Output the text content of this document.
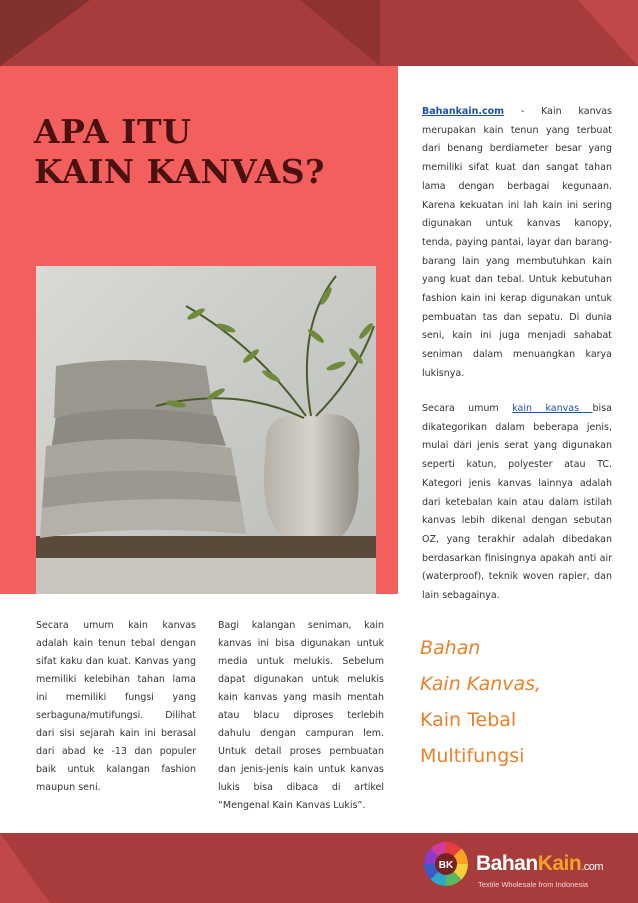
APA ITU
KAIN KANVAS?

Bahankain.com - Kain kanvas merupakan kain tenun yang terbuat dari benang berdiameter besar yang memiliki sifat kuat dan sangat tahan lama dengan berbagai kegunaan. Karena kekuatan ini lah kain ini sering digunakan untuk kanvas kanopy, tenda, paying pantai, layar dan barang-barang lain yang membutuhkan kain yang kuat dan tebal. Untuk kebutuhan fashion kain ini kerap digunakan untuk pembuatan tas dan sepatu. Di dunia seni, kain ini juga menjadi sahabat seniman dalam menuangkan karya lukisnya.

Secara umum kain kanvas bisa dikategorikan dalam beberapa jenis, mulai dari jenis serat yang digunakan seperti katun, polyester atau TC. Kategori jenis kanvas lainnya adalah dari ketebalan kain atau dalam istilah kanvas lebih dikenal dengan sebutan OZ, yang terakhir adalah dibedakan berdasarkan finisingnya apakah anti air (waterproof), teknik woven rapier, dan lain sebagainya.

Secara umum kain kanvas adalah kain tenun tebal dengan sifat kaku dan kuat. Kanvas yang memiliki kelebihan tahan lama ini memiliki fungsi yang serbaguna/mutifungsi. Dilihat dari sisi sejarah kain ini berasal dari abad ke -13 dan populer baik untuk kalangan fashion maupun seni.

Bagi kalangan seniman, kain kanvas ini bisa digunakan untuk media untuk melukis. Sebelum dapat digunakan untuk melukis kain kanvas yang masih mentah atau blacu diproses terlebih dahulu dengan campuran lem. Untuk detail proses pembuatan dan jenis-jenis kain untuk kanvas lukis bisa dibaca di artikel “Mengenal Kain Kanvas Lukis”.

Bahan
Kain Kanvas,
Kain Tebal
Multifungsi
BK BahanKain.com
Textile Wholesale from Indonesia
